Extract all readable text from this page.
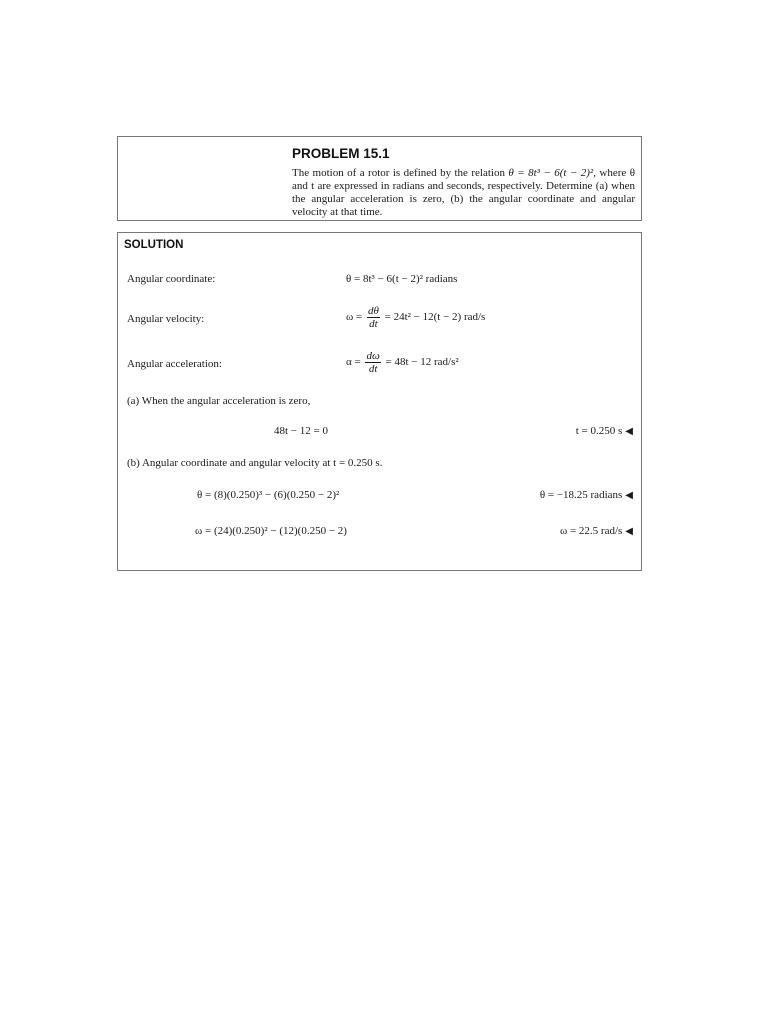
PROBLEM 15.1
The motion of a rotor is defined by the relation θ = 8t³ − 6(t − 2)², where θ and t are expressed in radians and seconds, respectively. Determine (a) when the angular acceleration is zero, (b) the angular coordinate and angular velocity at that time.
SOLUTION
Angular coordinate:	θ = 8t³ − 6(t − 2)² radians
Angular velocity:	$\omega = \frac{d\theta}{dt} = 24t^2 - 12(t - 2)$ rad/s
Angular acceleration:	$\alpha = \frac{d\omega}{dt} = 48t - 12$ rad/s²
(a) When the angular acceleration is zero,
48t − 12 = 0	t = 0.250 s ◀
(b) Angular coordinate and angular velocity at t = 0.250 s.
θ = (8)(0.250)³ − (6)(0.250 − 2)²	θ = −18.25 radians ◀
ω = (24)(0.250)² − (12)(0.250 − 2)	ω = 22.5 rad/s ◀
